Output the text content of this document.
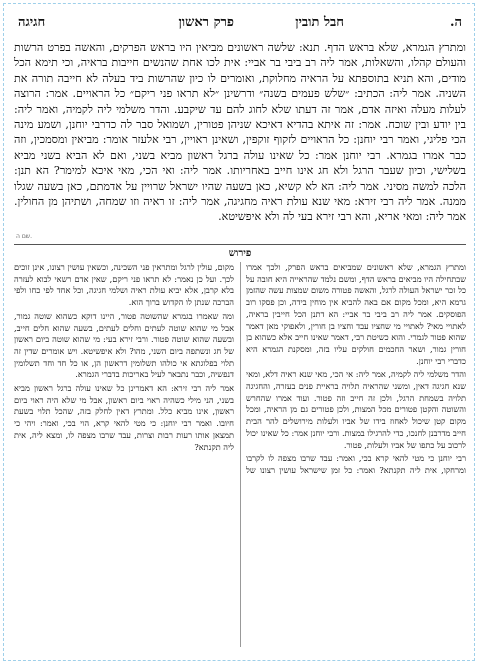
ה.
חבל תובין
פרק ראשון
חגיגה
ומתרץ הגמרא, שלא בראש הדף. תנא: שלשה ראשונים מביאין היו בראש הפרקים, והאשה בפרט הרשות והעולם קהלו, והשאלות, אמר ליה רב ביבי בר אביי: אית לכו אחת שהנשים חייבות בראיה, וכי תימא הכל מודים, והא תניא בתוספתא על הראיה מחלוקת, ואומרים לו כיון שהרשות ביד בעלה לא חייבה תורה את השניה. אמר ליה: הכתיב: ״שלש פעמים בשנה״ ודרשינן ״לא תראו פני ריקם״ כל הראויים. אמר: הרוצה לעלות מעלה ואיזה אדם, אמר זה דעתו שלא לחוג להם עד שיקבע. והדר משלמי ליה לקמיה, ואמר ליה: בין יודע ובין שוכח. אמר: זה איתא בהדיא דאיכא שניהן פטורין, ושמואל סבר לה כדרבי יוחנן, ושמע מינה הכי פליגי, ואמר רבי יוחנן: כל הראויים לזקוף זוקפין, ושאינן ראויין, רבי אלעזר אומר: מביאין ומסמכין, וזה כבר אמרו בגמרא. רבי יוחנן אמר: כל שאינו עולה ברגל ראשון מביא בשני, ואם לא הביא בשני מביא בשלישי, וכיון שעבר הרגל ולא חג אינו חייב באחריותו. אמר ליה: ואי הכי, מאי איכא למימר? הא תנן: הלכה למשה מסיני. אמר ליה: הא לא קשיא, כאן בשעה שהיו ישראל שרויין על אדמתם, כאן בשעה שגלו ממנה. אמר ליה רבי זירא: מאי שנא עולת ראיה מחגיגה, אמר ליה: זו ראיה וזו שמחה, ושתיהן מן החולין. אמר ליה: ומאי אריא, והא רבי זירא בעי לה ולא איפשיטא.
שם ה.
פירוש

ומתרץ הגמרא, שלא ראשונים שמביאים בראש הפרק, ולכך אמרו שבתחילה היו מביאים בראש הדף, ומשם נלמד שהראייה היא חובה על כל זכר ישראל העולה לרגל, והאשה פטורה משום שמצות עשה שהזמן גרמא היא, ומכל מקום אם באה להביא אין מוחין בידה, וכן פסקו רוב הפוסקים. אמר ליה רב ביבי בר אביי: הא דתנן הכל חייבין בראיה, לאתויי מאי? לאתויי מי שחציו עבד וחציו בן חורין, ולאפוקי מאן דאמר שהוא פטור לגמרי. והוא כשיטת רבי, דאמר שאינו חייב אלא כשהוא בן חורין גמור, ושאר החכמים חולקים עליו בזה, ומסקנת הגמרא היא כדברי רבי יוחנן.

והדר משלמי ליה לקמיה, אמר ליה: אי הכי, מאי שנא ראיה דלא, ומאי שנא חגיגה דאין, ומשני שהראיה תלויה בראיית פנים בעזרה, והחגיגה תלויה בשמחת הרגל, ולכן זה חייב וזה פטור. ועוד אמרו שהחרש והשוטה והקטן פטורים מכל המצות, ולכן פטורים גם מן הראיה, ומכל מקום קטן שיכול לאחוז בידו של אביו ולעלות מירושלים להר הבית חייב מדרבנן לחנכו, כדי להרגילו במצות. ורבי יוחנן אמר: כל שאינו יכול לרכוב על כתפו של אביו ולעלות, פטור.

רבי יוחנן כי מטי להאי קרא בכי, ואמר: עבד שרבו מצפה לו לקרבו ומרחקו, אית ליה תקנתא? ואמר: כל זמן שישראל עושין רצונו של מקום, עולין לרגל ומתראין פני השכינה, וכשאין עושין רצונו, אינן זוכים לכך. ועל כן נאמר: לא תראו פני ריקם, שאין אדם רשאי לבוא לעזרה בלא קרבן, אלא יביא עולת ראיה ושלמי חגיגה, וכל אחד לפי כחו ולפי הברכה שנתן לו הקדוש ברוך הוא.

ומה שאמרו בגמרא שהשוטה פטור, היינו דוקא כשהוא שוטה גמור, אבל מי שהוא שוטה לעתים וחלים לעתים, בשעה שהוא חלים חייב, ובשעה שהוא שוטה פטור. ורבי זירא בעי: מי שהוא שוטה ביום ראשון של חג ונשתפה ביום השני, מהו? ולא איפשיטא. ויש אומרים שדין זה תלוי בפלוגתא אי כולהו תשלומין דראשון הן, או כל חד וחד תשלומין דנפשיה, וכבר נתבאר לעיל באריכות בדברי הגמרא.

אמר ליה רבי זירא: הא דאמרינן כל שאינו עולה ברגל ראשון מביא בשני, הני מילי כשהיה ראוי ביום ראשון, אבל מי שלא היה ראוי ביום ראשון, אינו מביא כלל. ומתרץ דאין לחלק בזה, שהכל תלוי בשעת חיובו. ואמר רבי יוחנן: כי מטי להאי קרא, הוי בכי, ואמר: ויהי כי תמצאן אותו רעות רבות וצרות, עבד שרבו מצפה לו, ומצא ליה, אית ליה תקנתא?
